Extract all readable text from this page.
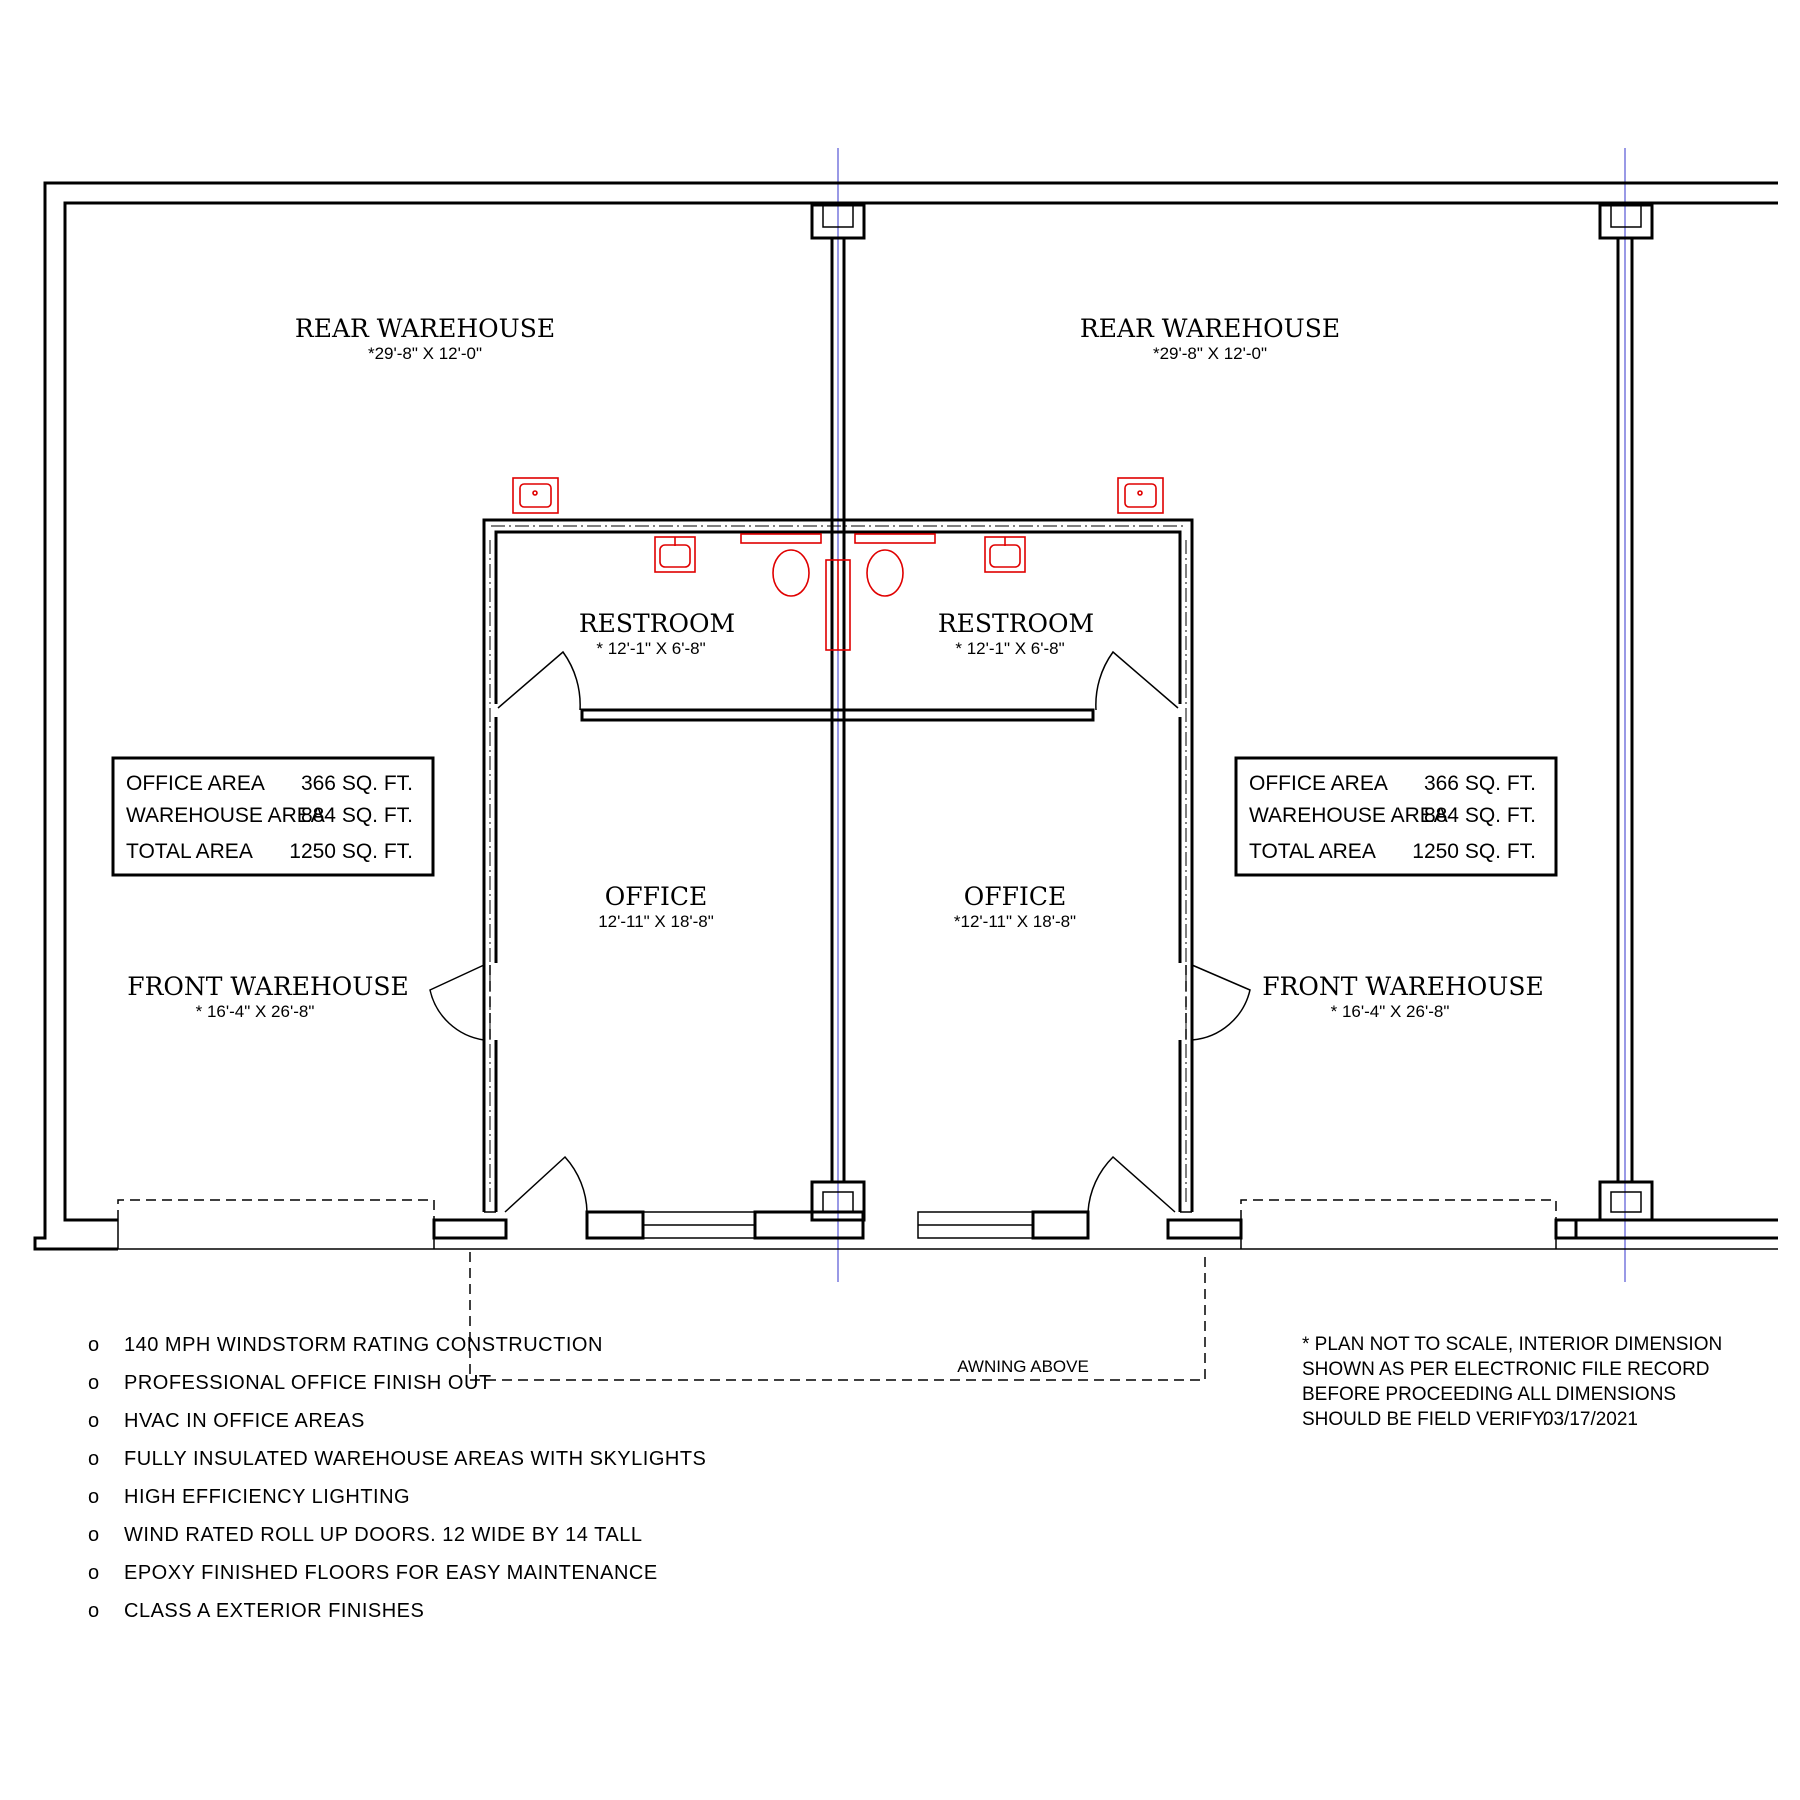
REAR WAREHOUSE
*29'-8" X 12'-0"
REAR WAREHOUSE
*29'-8" X 12'-0"
RESTROOM
* 12'-1" X 6'-8"
RESTROOM
* 12'-1" X 6'-8"
OFFICE
12'-11" X 18'-8"
OFFICE
*12'-11" X 18'-8"
FRONT WAREHOUSE
* 16'-4" X 26'-8"
FRONT WAREHOUSE
* 16'-4" X 26'-8"
OFFICE AREA 366 SQ. FT.
WAREHOUSE AREA
884 SQ. FT.
TOTAL AREA 1250 SQ. FT.
OFFICE AREA 366 SQ. FT.
WAREHOUSE AREA
884 SQ. FT.
TOTAL AREA 1250 SQ. FT.
AWNING ABOVE
o 140 MPH WINDSTORM RATING CONSTRUCTION
o PROFESSIONAL OFFICE FINISH OUT
o HVAC IN OFFICE AREAS
o FULLY INSULATED WAREHOUSE AREAS WITH SKYLIGHTS
o HIGH EFFICIENCY LIGHTING
o WIND RATED ROLL UP DOORS. 12 WIDE BY 14 TALL
o EPOXY FINISHED FLOORS FOR EASY MAINTENANCE
o CLASS A EXTERIOR FINISHES
* PLAN NOT TO SCALE, INTERIOR DIMENSION
SHOWN AS PER ELECTRONIC FILE RECORD
BEFORE PROCEEDING ALL DIMENSIONS
SHOULD BE FIELD VERIFY.
03/17/2021
